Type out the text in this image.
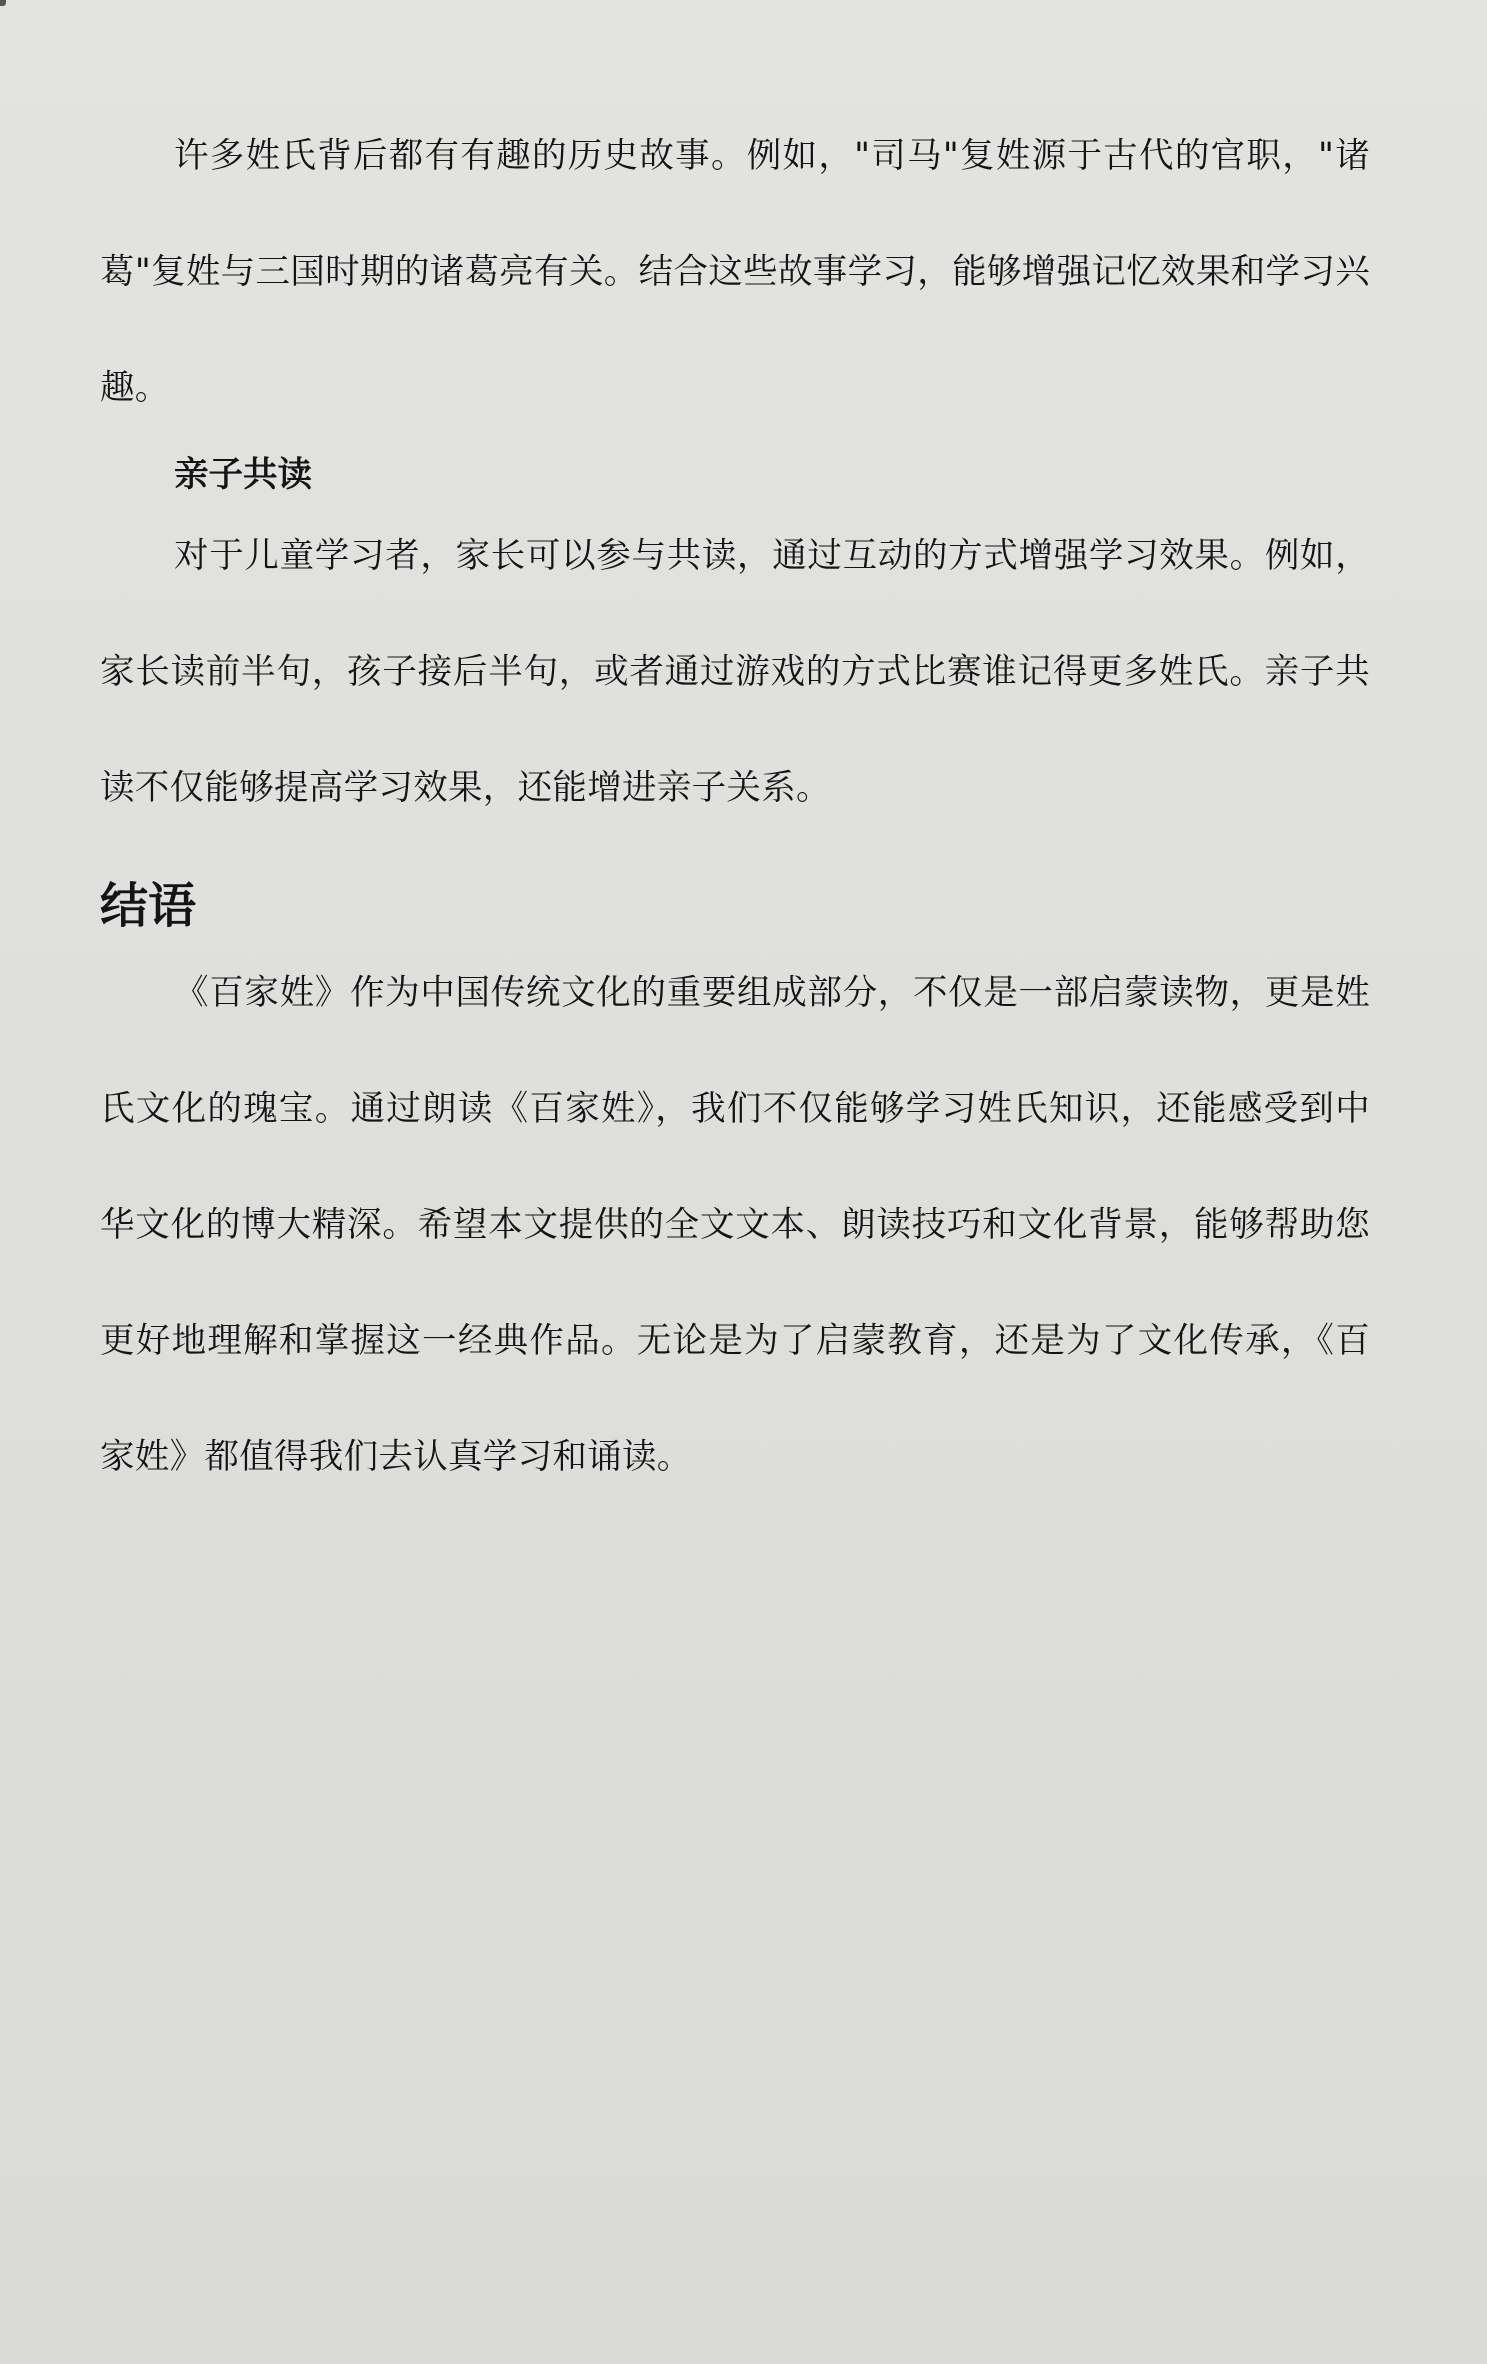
许多姓氏背后都有有趣的历史故事。例如，"司马"复姓源于古代的官职，"诸葛"复姓与三国时期的诸葛亮有关。结合这些故事学习，能够增强记忆效果和学习兴趣。

亲子共读

对于儿童学习者，家长可以参与共读，通过互动的方式增强学习效果。例如，家长读前半句，孩子接后半句，或者通过游戏的方式比赛谁记得更多姓氏。亲子共读不仅能够提高学习效果，还能增进亲子关系。

结语

《百家姓》作为中国传统文化的重要组成部分，不仅是一部启蒙读物，更是姓氏文化的瑰宝。通过朗读《百家姓》，我们不仅能够学习姓氏知识，还能感受到中华文化的博大精深。希望本文提供的全文文本、朗读技巧和文化背景，能够帮助您更好地理解和掌握这一经典作品。无论是为了启蒙教育，还是为了文化传承，《百家姓》都值得我们去认真学习和诵读。
